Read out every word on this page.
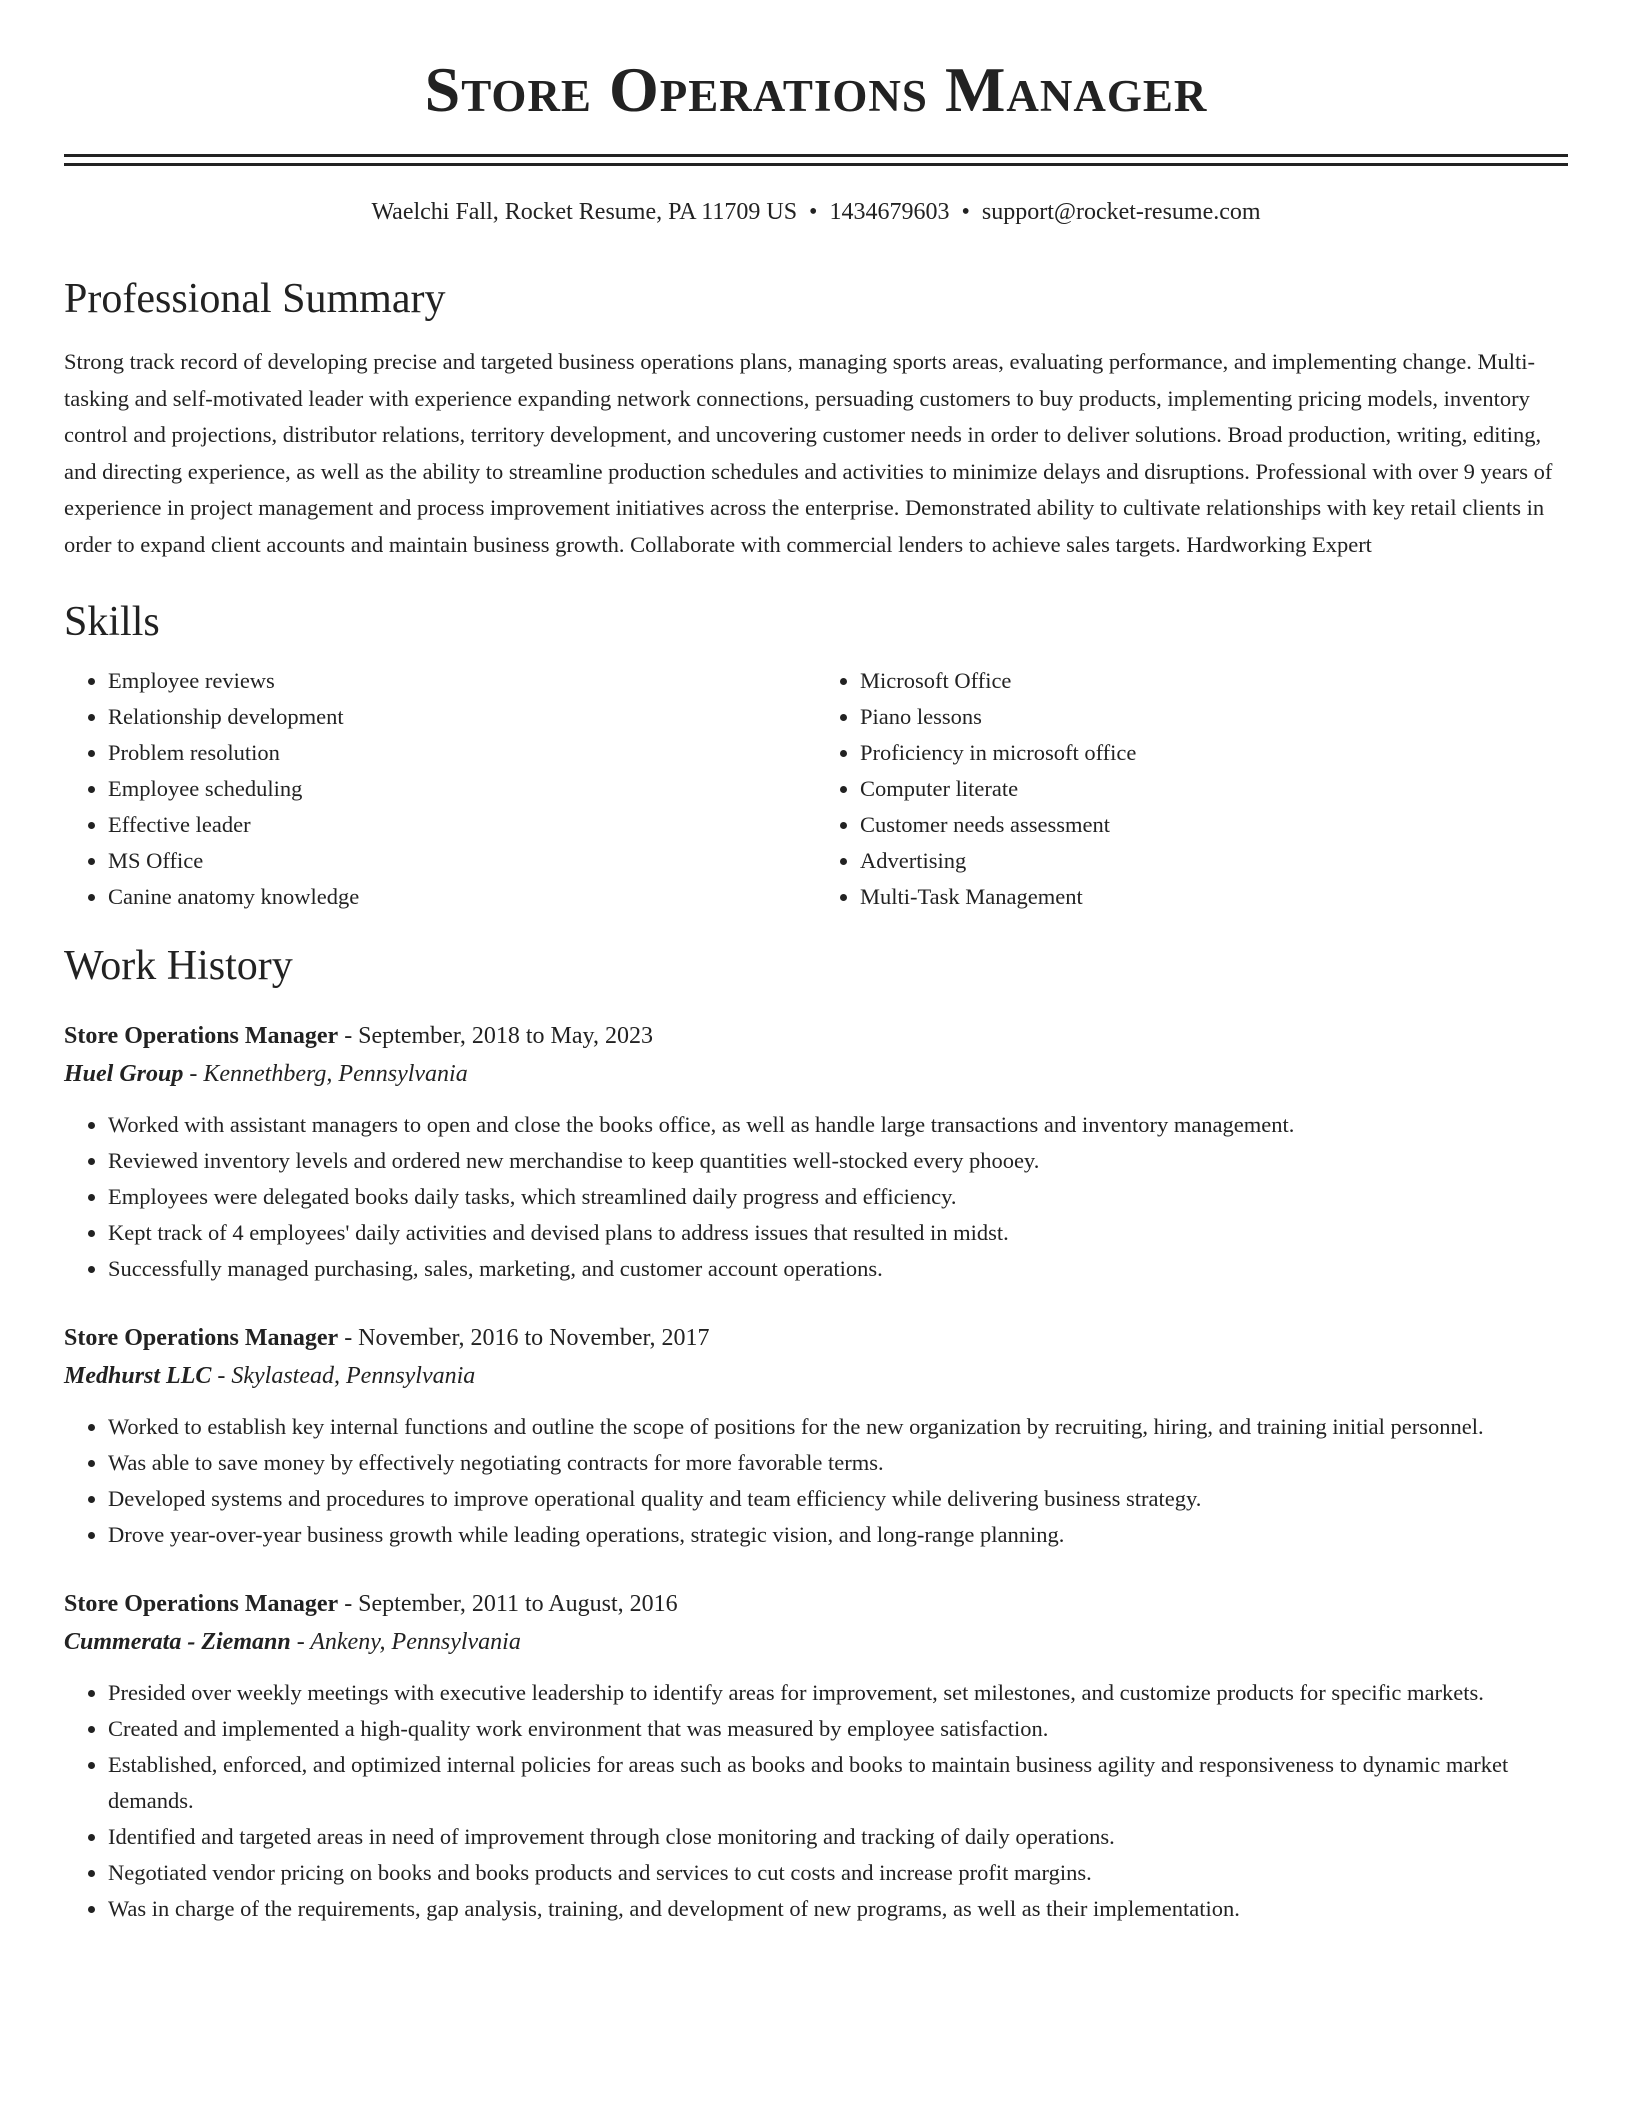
Store Operations Manager
Waelchi Fall, Rocket Resume, PA 11709 US • 1434679603 • support@rocket-resume.com
Professional Summary

Strong track record of developing precise and targeted business operations plans, managing sports areas, evaluating performance, and implementing change. Multi-tasking and self-motivated leader with experience expanding network connections, persuading customers to buy products, implementing pricing models, inventory control and projections, distributor relations, territory development, and uncovering customer needs in order to deliver solutions. Broad production, writing, editing, and directing experience, as well as the ability to streamline production schedules and activities to minimize delays and disruptions. Professional with over 9 years of experience in project management and process improvement initiatives across the enterprise. Demonstrated ability to cultivate relationships with key retail clients in order to expand client accounts and maintain business growth. Collaborate with commercial lenders to achieve sales targets. Hardworking Expert

Skills
• Employee reviews
• Relationship development
• Problem resolution
• Employee scheduling
• Effective leader
• MS Office
• Canine anatomy knowledge
• Microsoft Office
• Piano lessons
• Proficiency in microsoft office
• Computer literate
• Customer needs assessment
• Advertising
• Multi-Task Management
Work History
Store Operations Manager - September, 2018 to May, 2023
Huel Group - Kennethberg, Pennsylvania
• Worked with assistant managers to open and close the books office, as well as handle large transactions and inventory management.
• Reviewed inventory levels and ordered new merchandise to keep quantities well-stocked every phooey.
• Employees were delegated books daily tasks, which streamlined daily progress and efficiency.
• Kept track of 4 employees' daily activities and devised plans to address issues that resulted in midst.
• Successfully managed purchasing, sales, marketing, and customer account operations.
Store Operations Manager - November, 2016 to November, 2017
Medhurst LLC - Skylastead, Pennsylvania
• Worked to establish key internal functions and outline the scope of positions for the new organization by recruiting, hiring, and training initial personnel.
• Was able to save money by effectively negotiating contracts for more favorable terms.
• Developed systems and procedures to improve operational quality and team efficiency while delivering business strategy.
• Drove year-over-year business growth while leading operations, strategic vision, and long-range planning.
Store Operations Manager - September, 2011 to August, 2016
Cummerata - Ziemann - Ankeny, Pennsylvania
• Presided over weekly meetings with executive leadership to identify areas for improvement, set milestones, and customize products for specific markets.
• Created and implemented a high-quality work environment that was measured by employee satisfaction.
• Established, enforced, and optimized internal policies for areas such as books and books to maintain business agility and responsiveness to dynamic market demands.
• Identified and targeted areas in need of improvement through close monitoring and tracking of daily operations.
• Negotiated vendor pricing on books and books products and services to cut costs and increase profit margins.
• Was in charge of the requirements, gap analysis, training, and development of new programs, as well as their implementation.
